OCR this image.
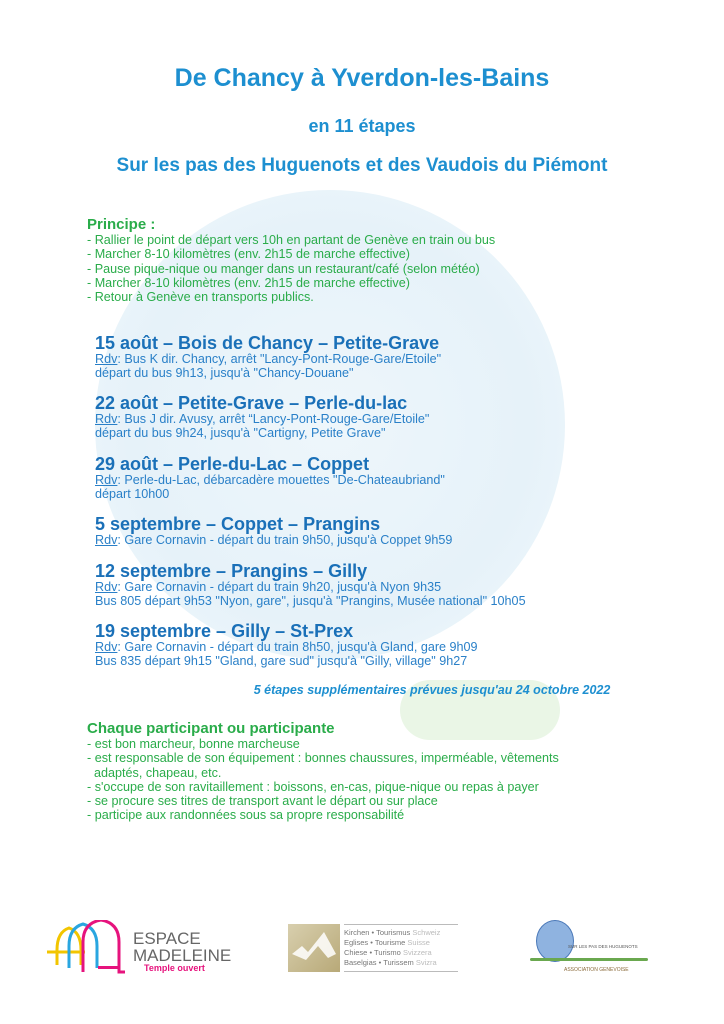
De Chancy à Yverdon-les-Bains
en 11 étapes
Sur les pas des Huguenots et des Vaudois du Piémont
Principe :
- Rallier le point de départ vers 10h en partant de Genève en train ou bus
- Marcher 8-10 kilomètres (env. 2h15 de marche effective)
- Pause pique-nique ou manger dans un restaurant/café (selon météo)
- Marcher 8-10 kilomètres (env. 2h15 de marche effective)
- Retour à Genève en transports publics.
15 août – Bois de Chancy – Petite-Grave
Rdv: Bus K dir. Chancy, arrêt "Lancy-Pont-Rouge-Gare/Etoile"
départ du bus 9h13, jusqu'à "Chancy-Douane"
22 août – Petite-Grave – Perle-du-lac
Rdv: Bus J dir. Avusy, arrêt “Lancy-Pont-Rouge-Gare/Etoile"
départ du bus 9h24, jusqu'à "Cartigny, Petite Grave"
29 août – Perle-du-Lac – Coppet
Rdv: Perle-du-Lac, débarcadère mouettes "De-Chateaubriand"
départ 10h00
5 septembre – Coppet – Prangins
Rdv: Gare Cornavin - départ du train 9h50, jusqu'à Coppet 9h59
12 septembre – Prangins – Gilly
Rdv: Gare Cornavin - départ du train 9h20, jusqu'à Nyon 9h35
Bus 805 départ 9h53 "Nyon, gare", jusqu'à "Prangins, Musée national" 10h05
19 septembre – Gilly – St-Prex
Rdv: Gare Cornavin - départ du train 8h50, jusqu'à Gland, gare 9h09
Bus 835 départ 9h15 "Gland, gare sud" jusqu'à "Gilly, village" 9h27
5 étapes supplémentaires prévues jusqu'au 24 octobre 2022
Chaque participant ou participante
- est bon marcheur, bonne marcheuse
- est responsable de son équipement : bonnes chaussures, imperméable, vêtements
adaptés, chapeau, etc.
- s'occupe de son ravitaillement : boissons, en-cas, pique-nique ou repas à payer
- se procure ses titres de transport avant le départ ou sur place
- participe aux randonnées sous sa propre responsabilité
ESPACE
MADELEINE
Temple ouvert
Kirchen • Tourismus Schweiz
Eglises • Tourisme Suisse
Chiese • Turismo Svizzera
Baselgias • Turissem Svizra
SUR LES PAS DES HUGUENOTS
ASSOCIATION GENEVOISE
